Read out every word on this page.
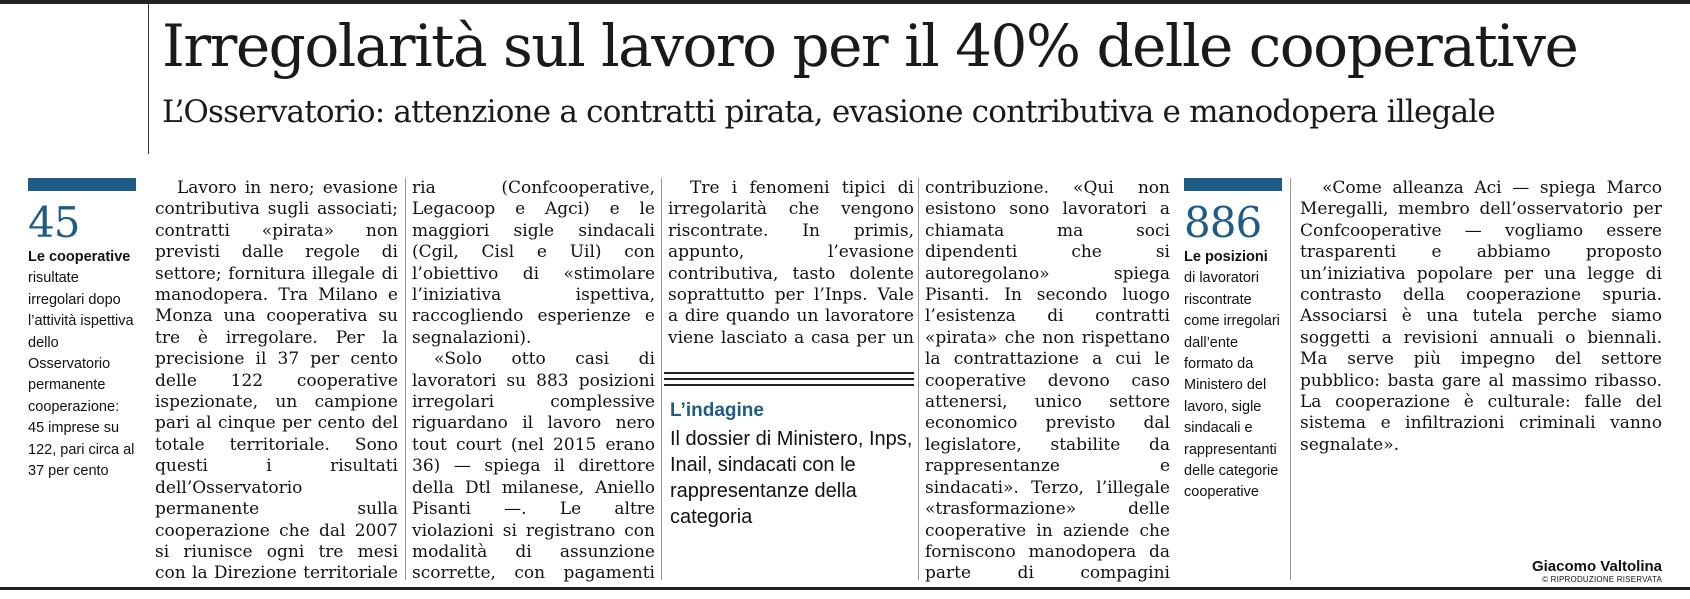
Irregolarità sul lavoro per il 40% delle cooperative
L’Osservatorio: attenzione a contratti pirata, evasione contributiva e manodopera illegale
45
Le cooperative risultate irregolari dopo l’attività ispettiva dello Osservatorio permanente cooperazione: 45 imprese su 122, pari circa al 37 per cento

Lavoro in nero; evasione contributiva sugli associati; contratti «pirata» non previsti dalle regole di settore; fornitura illegale di manodopera. Tra Milano e Monza una cooperativa su tre è irregolare. Per la precisione il 37 per cento delle 122 cooperative ispezionate, un campione pari al cinque per cento del totale territoriale. Sono questi i risultati dell’Osservatorio permanente sulla cooperazione che dal 2007 si riunisce ogni tre mesi con la Direzione territoriale

ria (Confcooperative, Legacoop e Agci) e le maggiori sigle sindacali (Cgil, Cisl e Uil) con l’obiettivo di «stimolare l’iniziativa ispettiva, raccogliendo esperienze e segnalazioni).

«Solo otto casi di lavoratori su 883 posizioni irregolari complessive riguardano il lavoro nero tout court (nel 2015 erano 36) — spiega il direttore della Dtl milanese, Aniello Pisanti —. Le altre violazioni si registrano con modalità di assunzione scorrette, con pagamenti

Tre i fenomeni tipici di irregolarità che vengono riscontrate. In primis, appunto, l’evasione contributiva, tasto dolente soprattutto per l’Inps. Vale a dire quando un lavoratore viene lasciato a casa per un

L’indagine
Il dossier di Ministero, Inps, Inail, sindacati con le rappresentanze della categoria

contribuzione. «Qui non esistono sono lavoratori a chiamata ma soci dipendenti che si autoregolano» spiega Pisanti. In secondo luogo l’esistenza di contratti «pirata» che non rispettano la contrattazione a cui le cooperative devono caso attenersi, unico settore economico previsto dal legislatore, stabilite da rappresentanze e sindacati». Terzo, l’illegale «trasformazione» delle cooperative in aziende che forniscono manodopera da parte di compagini

886
Le posizioni di lavoratori riscontrate come irregolari dall’ente formato da Ministero del lavoro, sigle sindacali e rappresentanti delle categorie cooperative

«Come alleanza Aci — spiega Marco Meregalli, membro dell’osservatorio per Confcooperative — vogliamo essere trasparenti e abbiamo proposto un’iniziativa popolare per una legge di contrasto della cooperazione spuria. Associarsi è una tutela perche siamo soggetti a revisioni annuali o biennali. Ma serve più impegno del settore pubblico: basta gare al massimo ribasso. La cooperazione è culturale: falle del sistema e infiltrazioni criminali vanno segnalate».

Giacomo Valtolina
© RIPRODUZIONE RISERVATA
